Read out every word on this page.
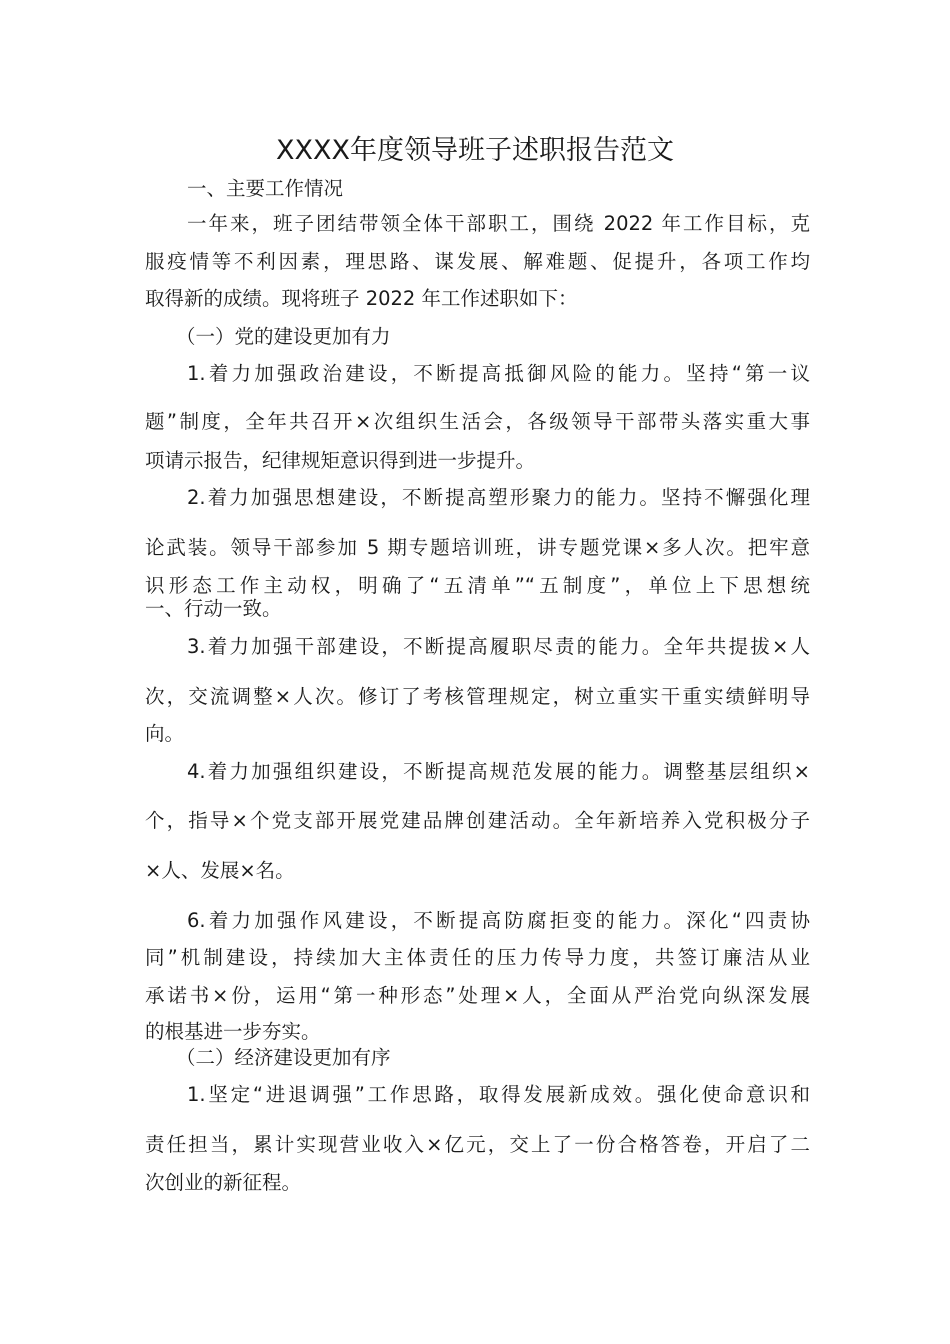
XXXX年度领导班子述职报告范文
一、主要工作情况
一年来，班子团结带领全体干部职工，围绕 2022 年工作目标，克
服疫情等不利因素，理思路、谋发展、解难题、促提升，各项工作均
取得新的成绩。现将班子 2022 年工作述职如下：
（一）党的建设更加有力
1.着力加强政治建设，不断提高抵御风险的能力。坚持“第一议
题”制度，全年共召开×次组织生活会，各级领导干部带头落实重大事
项请示报告，纪律规矩意识得到进一步提升。
2.着力加强思想建设，不断提高塑形聚力的能力。坚持不懈强化理
论武装。领导干部参加 5 期专题培训班，讲专题党课×多人次。把牢意
识形态工作主动权，明确了“五清单”“五制度”，单位上下思想统
一、行动一致。
3.着力加强干部建设，不断提高履职尽责的能力。全年共提拔×人
次，交流调整×人次。修订了考核管理规定，树立重实干重实绩鲜明导
向。
4.着力加强组织建设，不断提高规范发展的能力。调整基层组织×
个，指导×个党支部开展党建品牌创建活动。全年新培养入党积极分子
×人、发展×名。
6.着力加强作风建设，不断提高防腐拒变的能力。深化“四责协
同”机制建设，持续加大主体责任的压力传导力度，共签订廉洁从业
承诺书×份，运用“第一种形态”处理×人，全面从严治党向纵深发展
的根基进一步夯实。
（二）经济建设更加有序
1.坚定“进退调强”工作思路，取得发展新成效。强化使命意识和
责任担当，累计实现营业收入×亿元，交上了一份合格答卷，开启了二
次创业的新征程。
